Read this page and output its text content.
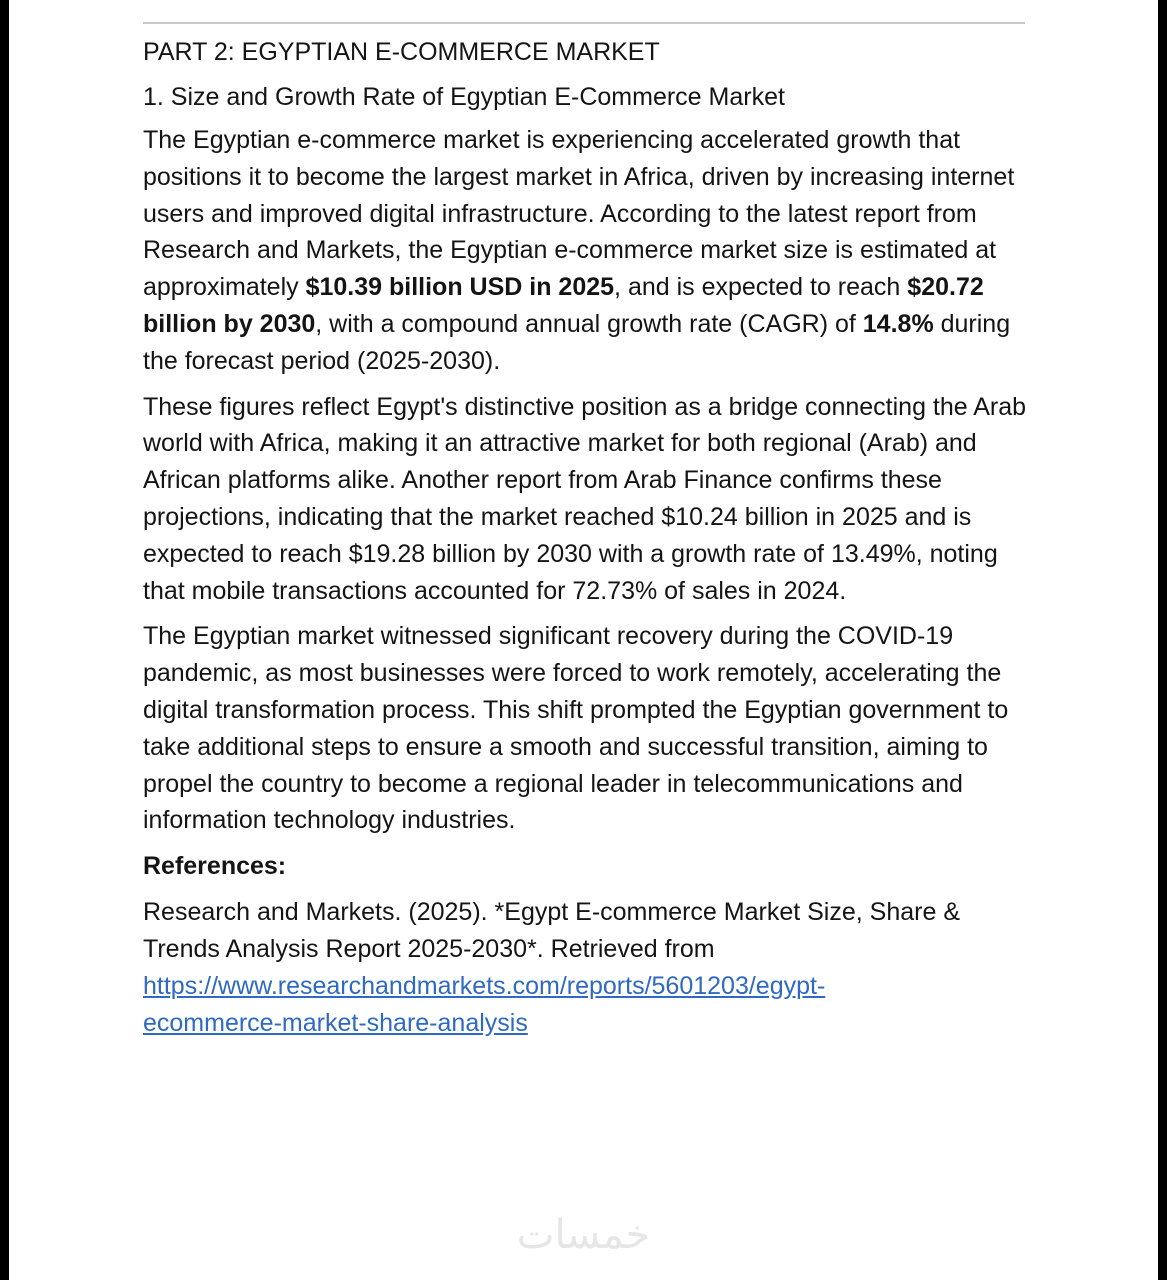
PART 2: EGYPTIAN E-COMMERCE MARKET
1. Size and Growth Rate of Egyptian E-Commerce Market

The Egyptian e-commerce market is experiencing accelerated growth that positions it to become the largest market in Africa, driven by increasing internet users and improved digital infrastructure. According to the latest report from Research and Markets, the Egyptian e-commerce market size is estimated at approximately $10.39 billion USD in 2025, and is expected to reach $20.72 billion by 2030, with a compound annual growth rate (CAGR) of 14.8% during the forecast period (2025-2030).

These figures reflect Egypt's distinctive position as a bridge connecting the Arab world with Africa, making it an attractive market for both regional (Arab) and African platforms alike. Another report from Arab Finance confirms these projections, indicating that the market reached $10.24 billion in 2025 and is expected to reach $19.28 billion by 2030 with a growth rate of 13.49%, noting that mobile transactions accounted for 72.73% of sales in 2024.

The Egyptian market witnessed significant recovery during the COVID-19 pandemic, as most businesses were forced to work remotely, accelerating the digital transformation process. This shift prompted the Egyptian government to take additional steps to ensure a smooth and successful transition, aiming to propel the country to become a regional leader in telecommunications and information technology industries.

References:

Research and Markets. (2025). *Egypt E-commerce Market Size, Share & Trends Analysis Report 2025-2030*. Retrieved from
https://www.researchandmarkets.com/reports/5601203/egypt-
ecommerce-market-share-analysis

خمسات
